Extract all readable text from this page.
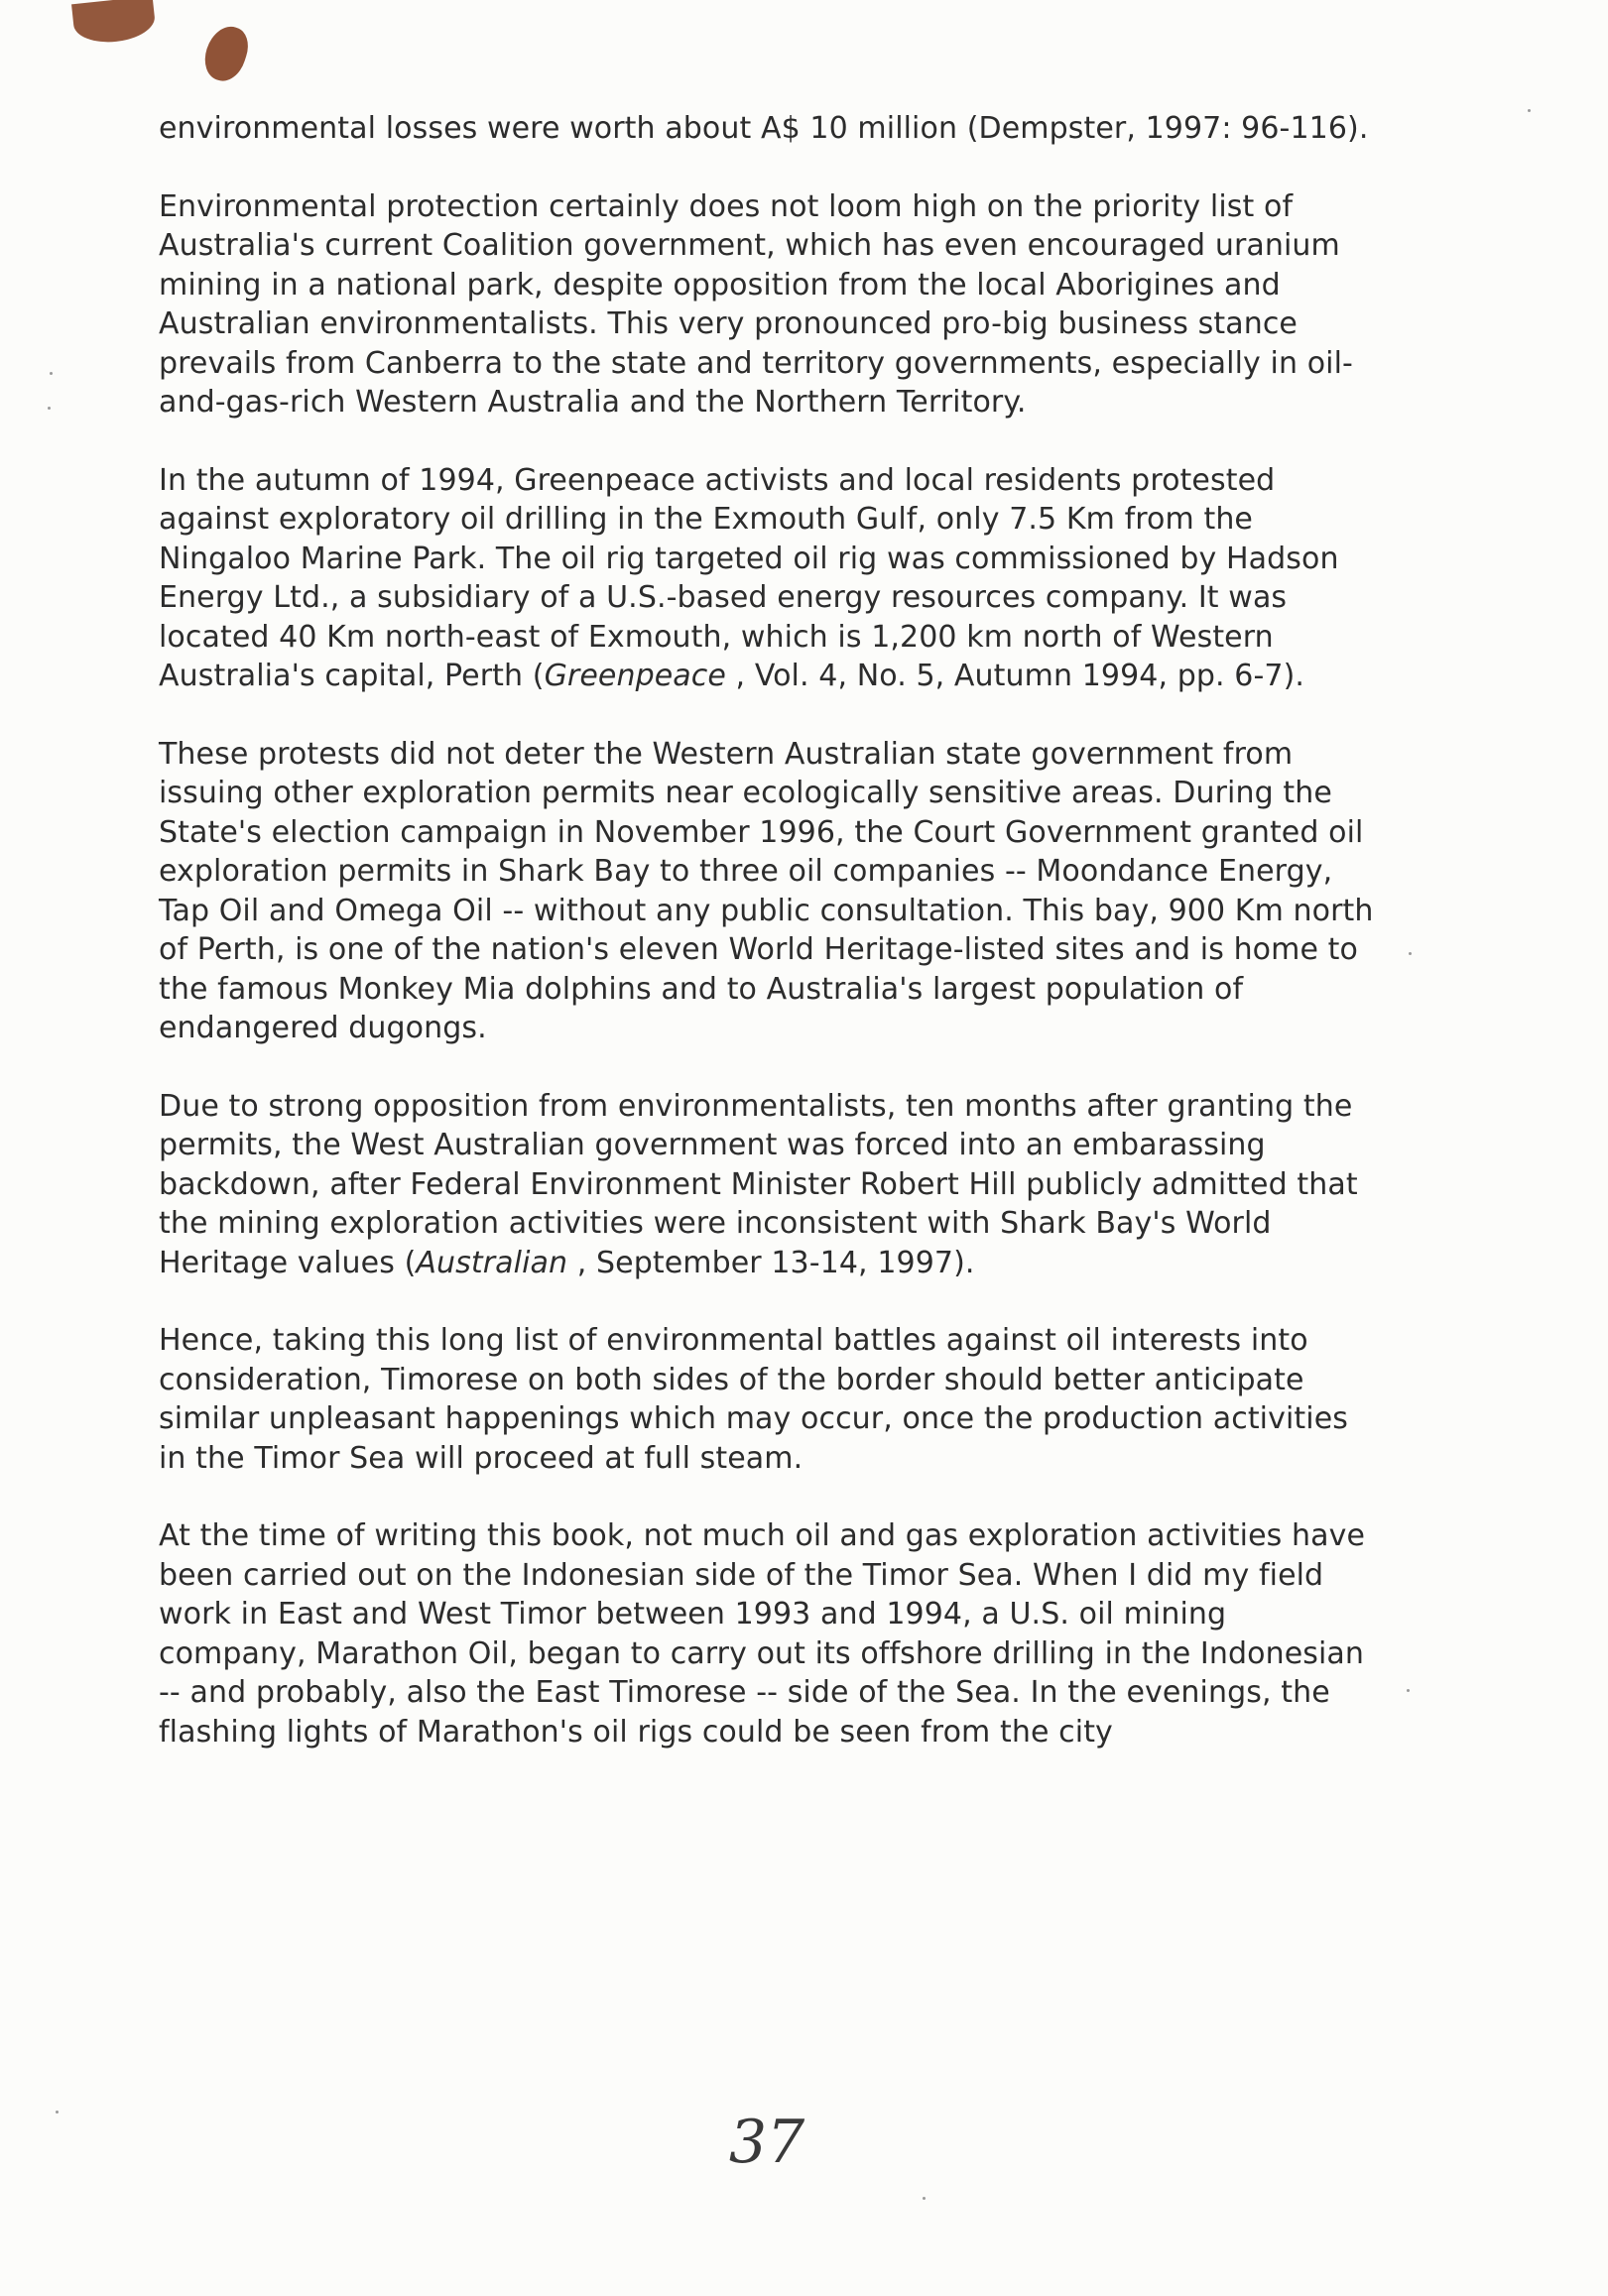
environmental losses were worth about A$ 10 million (Dempster, 1997: 96-116).

Environmental protection certainly does not loom high on the priority list of Australia's current Coalition government, which has even encouraged uranium mining in a national park, despite opposition from the local Aborigines and Australian environmentalists. This very pronounced pro-big business stance prevails from Canberra to the state and territory governments, especially in oil-and-gas-rich Western Australia and the Northern Territory.

In the autumn of 1994, Greenpeace activists and local residents protested against exploratory oil drilling in the Exmouth Gulf, only 7.5 Km from the Ningaloo Marine Park. The oil rig targeted oil rig was commissioned by Hadson Energy Ltd., a subsidiary of a U.S.-based energy resources company. It was located 40 Km north-east of Exmouth, which is 1,200 km north of Western Australia's capital, Perth (Greenpeace , Vol. 4, No. 5, Autumn 1994, pp. 6-7).

These protests did not deter the Western Australian state government from issuing other exploration permits near ecologically sensitive areas. During the State's election campaign in November 1996, the Court Government granted oil exploration permits in Shark Bay to three oil companies -- Moondance Energy, Tap Oil and Omega Oil -- without any public consultation. This bay, 900 Km north of Perth, is one of the nation's eleven World Heritage-listed sites and is home to the famous Monkey Mia dolphins and to Australia's largest population of endangered dugongs.

Due to strong opposition from environmentalists, ten months after granting the permits, the West Australian government was forced into an embarassing backdown, after Federal Environment Minister Robert Hill publicly admitted that the mining exploration activities were inconsistent with Shark Bay's World Heritage values (Australian , September 13-14, 1997).

Hence, taking this long list of environmental battles against oil interests into consideration, Timorese on both sides of the border should better anticipate similar unpleasant happenings which may occur, once the production activities in the Timor Sea will proceed at full steam.

At the time of writing this book, not much oil and gas exploration activities have been carried out on the Indonesian side of the Timor Sea. When I did my field work in East and West Timor between 1993 and 1994, a U.S. oil mining company, Marathon Oil, began to carry out its offshore drilling in the Indonesian -- and probably, also the East Timorese -- side of the Sea. In the evenings, the flashing lights of Marathon's oil rigs could be seen from the city

37
